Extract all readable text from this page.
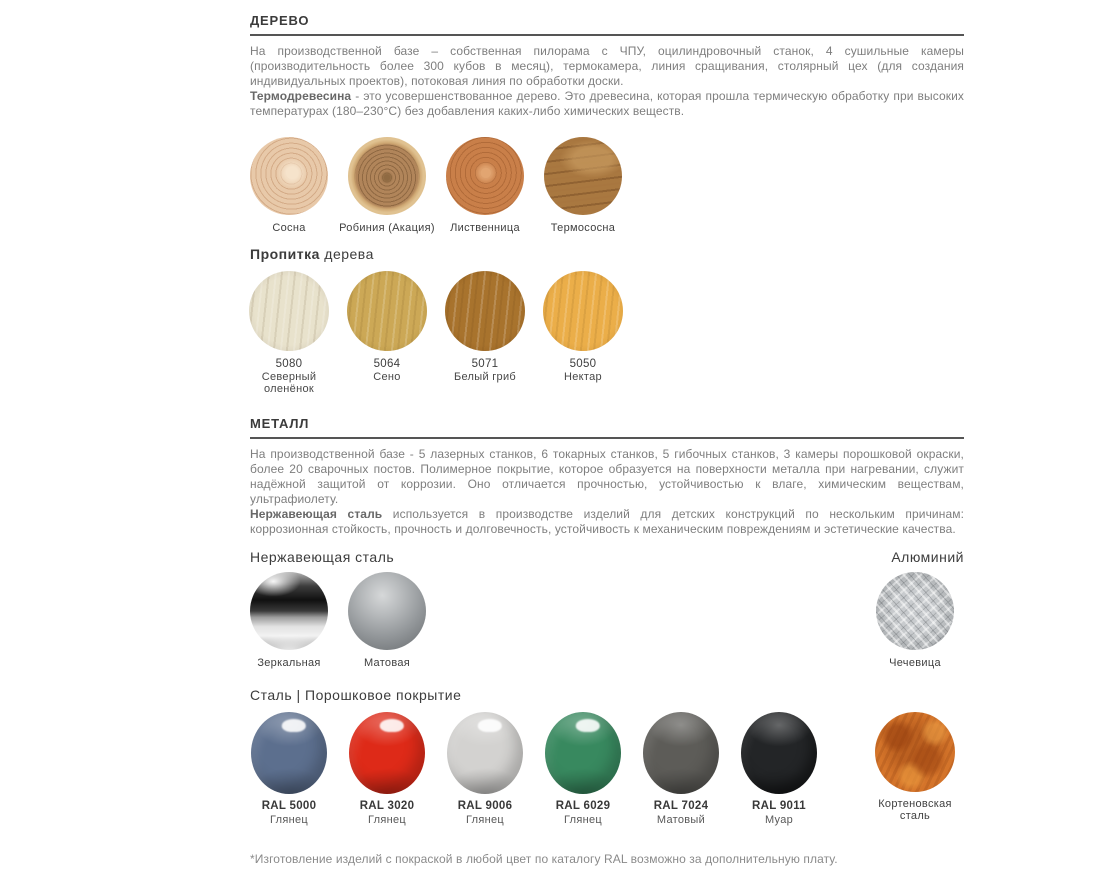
ДЕРЕВО

На производственной базе – собственная пилорама с ЧПУ, оцилиндровочный станок, 4 сушильные камеры (производительность более 300 кубов в месяц), термокамера, линия сращивания, столярный цех (для создания индивидуальных проектов), потоковая линия по обработки доски.

Термодревесина - это усовершенствованное дерево. Это древесина, которая прошла термическую обработку при высоких температурах (180–230°С) без добавления каких-либо химических веществ.

Сосна	Робиния (Акация) Лиственница	Термососна
Пропитка дерева
5080
Северный оленёнок
5064
Сено
5071
Белый гриб
5050
Нектар
МЕТАЛЛ

На производственной базе - 5 лазерных станков, 6 токарных станков, 5 гибочных станков, 3 камеры порошковой окраски, более 20 сварочных постов. Полимерное покрытие, которое образуется на поверхности металла при нагревании, служит надёжной защитой от коррозии. Оно отличается прочностью, устойчивостью к влаге, химическим веществам, ультрафиолету.

Нержавеющая сталь используется в производстве изделий для детских конструкций по нескольким причинам: коррозионная стойкость, прочность и долговечность, устойчивость к механическим повреждениям и эстетические качества.

Нержавеющая сталь	Алюминий
Зеркальная	Матовая	Чечевица
Сталь | Порошковое покрытие
RAL 5000
Глянец
RAL 3020
Глянец
RAL 9006
Глянец
RAL 6029
Глянец
RAL 7024
Матовый
RAL 9011
Муар
Кортеновская сталь
*Изготовление изделий с покраской в любой цвет по каталогу RAL возможно за дополнительную плату.
